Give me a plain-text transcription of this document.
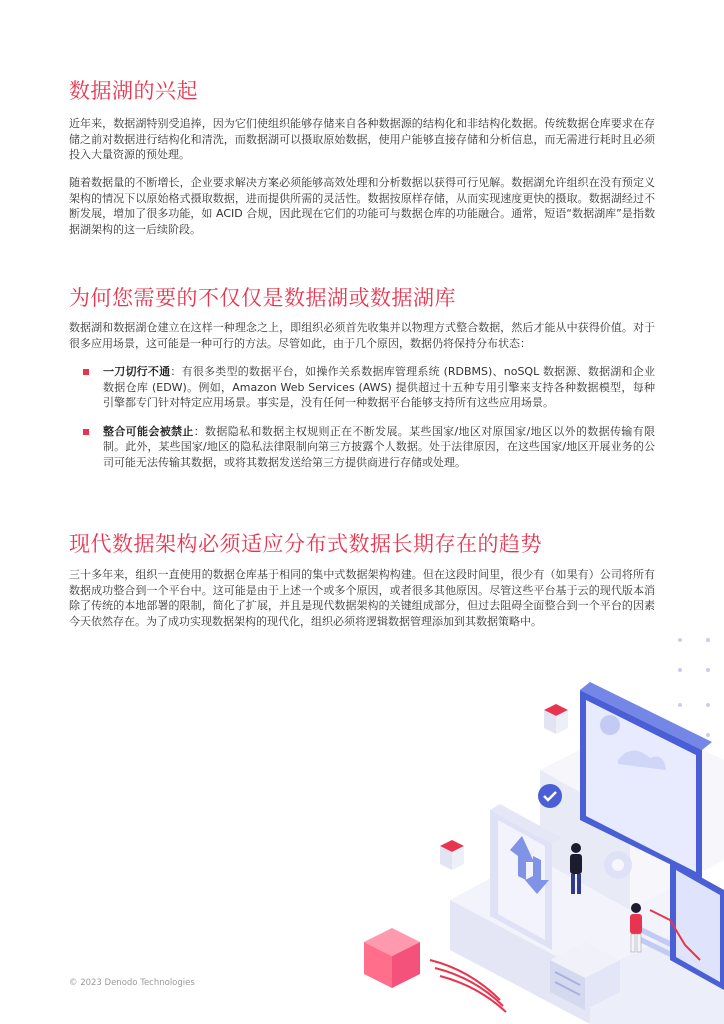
数据湖的兴起

近年来，数据湖特别受追捧，因为它们使组织能够存储来自各种数据源的结构化和非结构化数据。传统数据仓库要求在存储之前对数据进行结构化和清洗，而数据湖可以摄取原始数据，使用户能够直接存储和分析信息，而无需进行耗时且必须投入大量资源的预处理。

随着数据量的不断增长，企业要求解决方案必须能够高效处理和分析数据以获得可行见解。数据湖允许组织在没有预定义架构的情况下以原始格式摄取数据，进而提供所需的灵活性。数据按原样存储，从而实现速度更快的摄取。数据湖经过不断发展，增加了很多功能，如 ACID 合规，因此现在它们的功能可与数据仓库的功能融合。通常，短语“数据湖库”是指数据湖架构的这一后续阶段。

为何您需要的不仅仅是数据湖或数据湖库

数据湖和数据湖仓建立在这样一种理念之上，即组织必须首先收集并以物理方式整合数据，然后才能从中获得价值。对于很多应用场景，这可能是一种可行的方法。尽管如此，由于几个原因，数据仍将保持分布状态：

一刀切行不通：有很多类型的数据平台，如操作关系数据库管理系统 (RDBMS)、noSQL 数据源、数据湖和企业数据仓库 (EDW)。例如，Amazon Web Services (AWS) 提供超过十五种专用引擎来支持各种数据模型，每种引擎都专门针对特定应用场景。事实是，没有任何一种数据平台能够支持所有这些应用场景。
整合可能会被禁止：数据隐私和数据主权规则正在不断发展。某些国家/地区对原国家/地区以外的数据传输有限制。此外，某些国家/地区的隐私法律限制向第三方披露个人数据。处于法律原因，在这些国家/地区开展业务的公司可能无法传输其数据，或将其数据发送给第三方提供商进行存储或处理。
现代数据架构必须适应分布式数据长期存在的趋势

三十多年来，组织一直使用的数据仓库基于相同的集中式数据架构构建。但在这段时间里，很少有（如果有）公司将所有数据成功整合到一个平台中。这可能是由于上述一个或多个原因，或者很多其他原因。尽管这些平台基于云的现代版本消除了传统的本地部署的限制，简化了扩展，并且是现代数据架构的关键组成部分，但过去阻碍全面整合到一个平台的因素今天依然存在。为了成功实现数据架构的现代化，组织必须将逻辑数据管理添加到其数据策略中。

© 2023 Denodo Technologies
